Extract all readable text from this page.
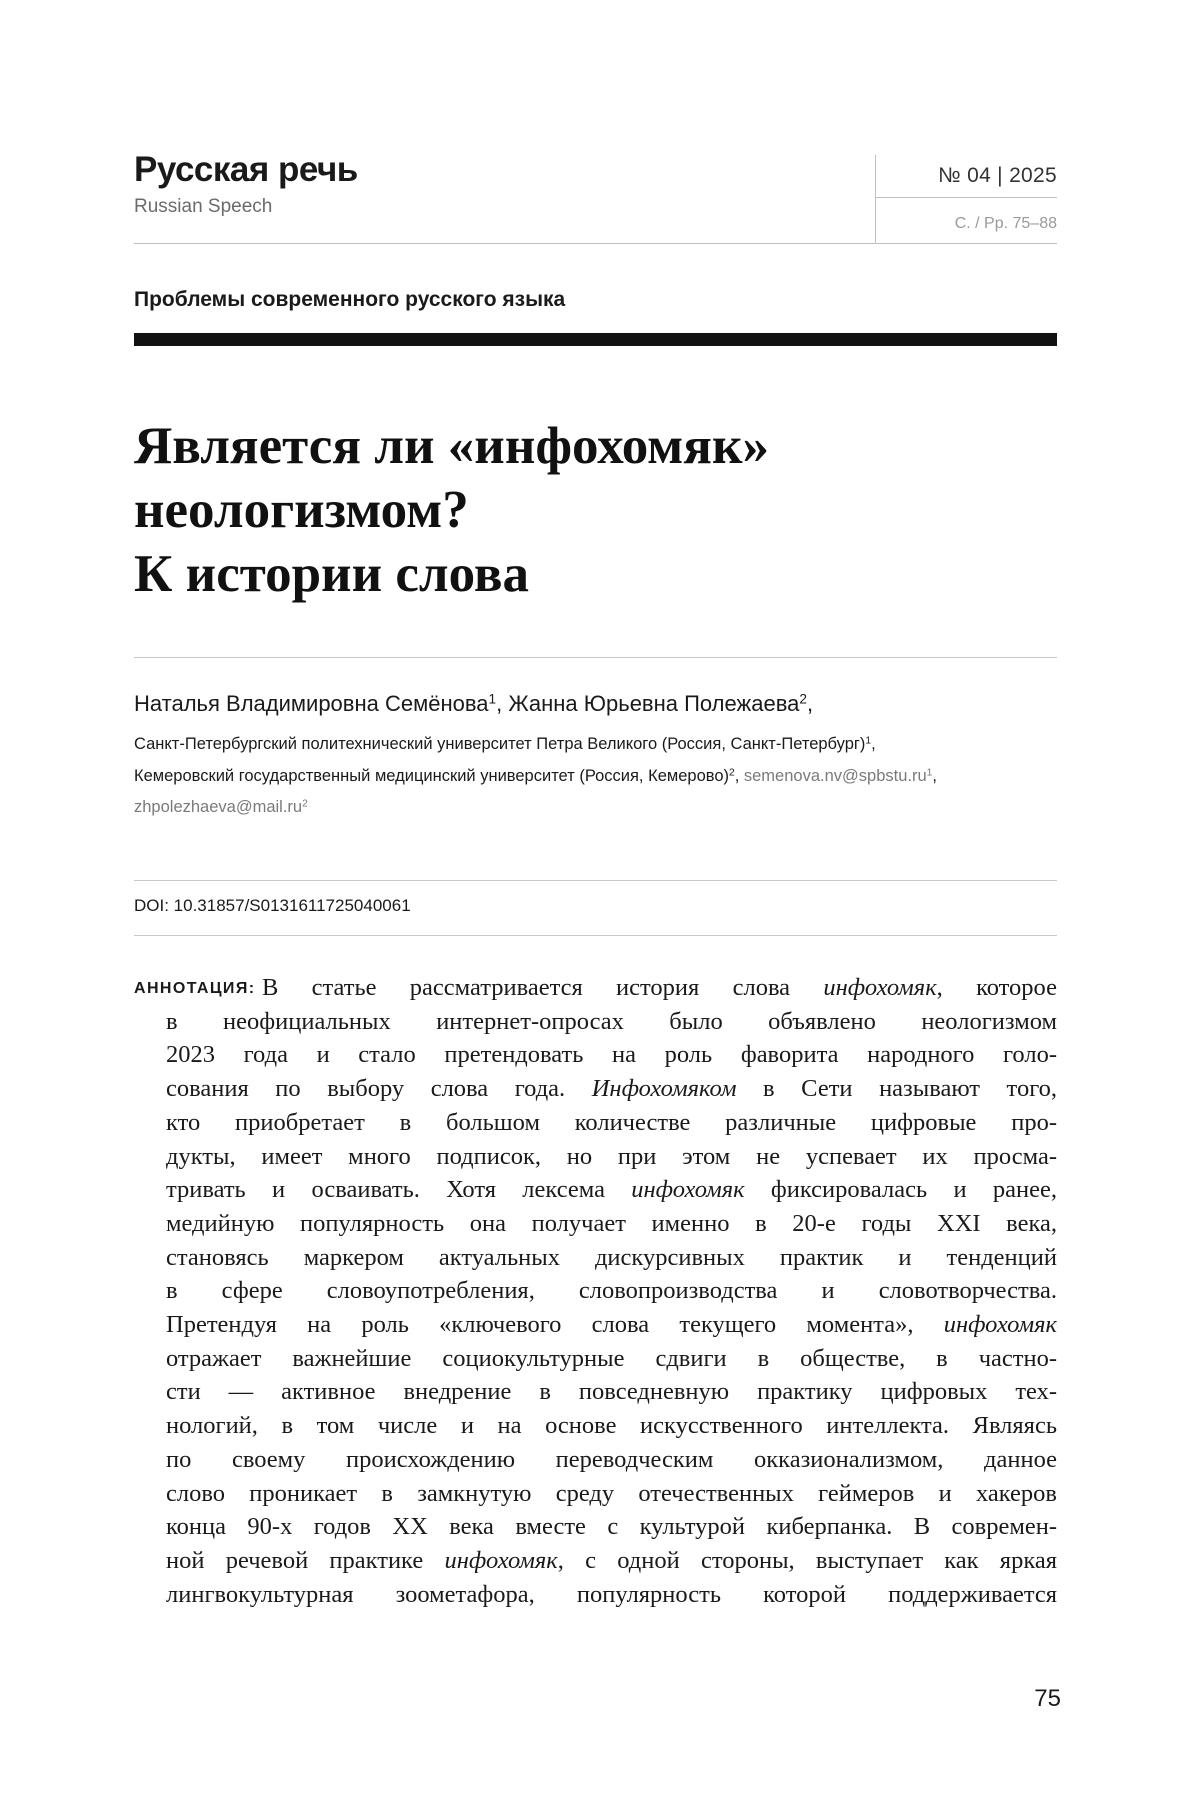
Русская речь
Russian Speech
№ 04 | 2025
С. / Pp. 75–88
Проблемы современного русского языка
Является ли «инфохомяк»
неологизмом?
К истории слова
Наталья Владимировна Семёнова$^1$, Жанна Юрьевна Полежаева$^2$,
Санкт-Петербургский политехнический университет Петра Великого (Россия, Санкт-Петербург)$^1$,
Кемеровский государственный медицинский университет (Россия, Кемерово)$^2$, $semenova.nv@spbstu.ru^1$,
$zhpolezhaeva@mail.ru^2$
DOI: 10.31857/S0131611725040061
АННОТАЦИЯ: В статье рассматривается история слова инфохомяк, которое
в неофициальных интернет-опросах было объявлено неологизмом
2023 года и стало претендовать на роль фаворита народного голо-
сования по выбору слова года. Инфохомяком в Сети называют того,
кто приобретает в большом количестве различные цифровые про-
дукты, имеет много подписок, но при этом не успевает их просма-
тривать и осваивать. Хотя лексема инфохомяк фиксировалась и ранее,
медийную популярность она получает именно в 20-е годы XXI века,
становясь маркером актуальных дискурсивных практик и тенденций
в сфере словоупотребления, словопроизводства и словотворчества.
Претендуя на роль «ключевого слова текущего момента», инфохомяк
отражает важнейшие социокультурные сдвиги в обществе, в частно-
сти — активное внедрение в повседневную практику цифровых тех-
нологий, в том числе и на основе искусственного интеллекта. Являясь
по своему происхождению переводческим окказионализмом, данное
слово проникает в замкнутую среду отечественных геймеров и хакеров
конца 90-х годов XX века вместе с культурой киберпанка. В современ-
ной речевой практике инфохомяк, с одной стороны, выступает как яркая
лингвокультурная зоометафора, популярность которой поддерживается
75
